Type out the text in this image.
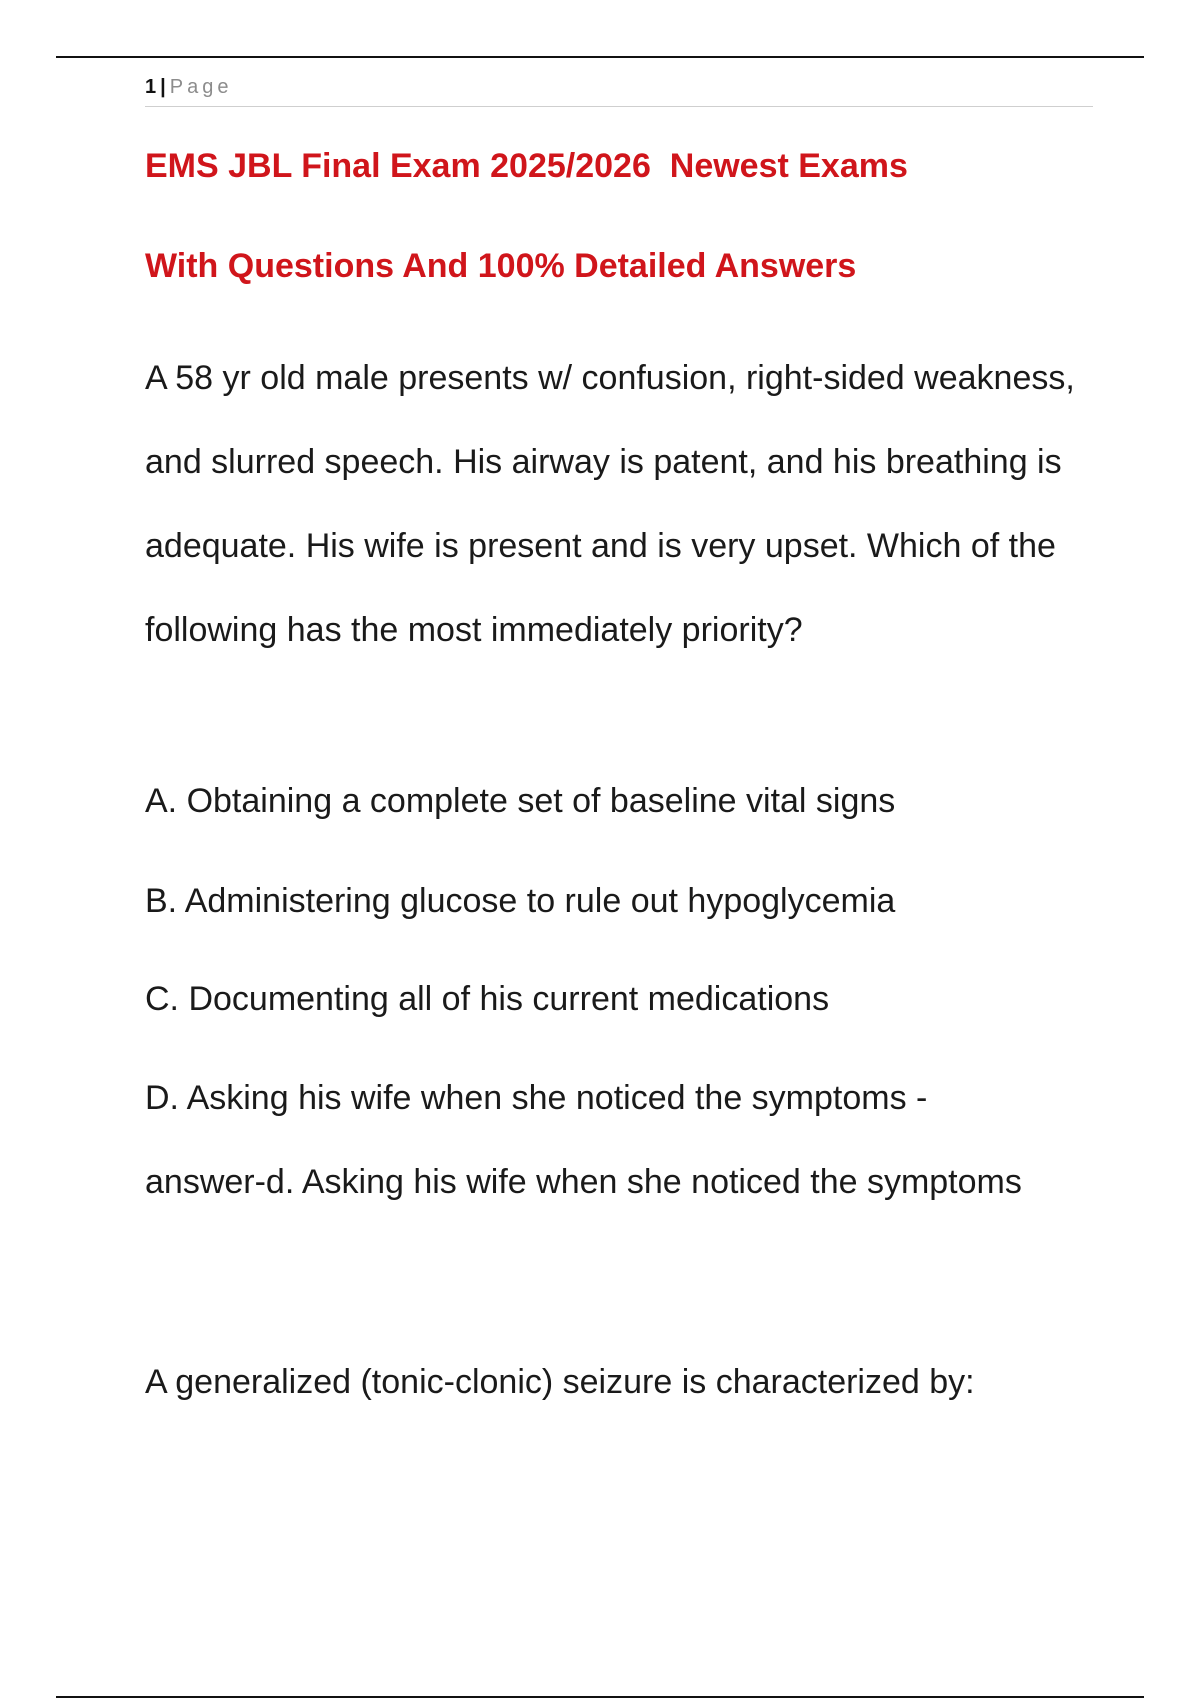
1 | Page
EMS JBL Final Exam 2025/2026  Newest Exams
With Questions And 100% Detailed Answers

A 58 yr old male presents w/ confusion, right-sided weakness, and slurred speech. His airway is patent, and his breathing is adequate. His wife is present and is very upset. Which of the following has the most immediately priority?

A. Obtaining a complete set of baseline vital signs

B. Administering glucose to rule out hypoglycemia

C. Documenting all of his current medications

D. Asking his wife when she noticed the symptoms -

answer-d. Asking his wife when she noticed the symptoms

A generalized (tonic-clonic) seizure is characterized by:
